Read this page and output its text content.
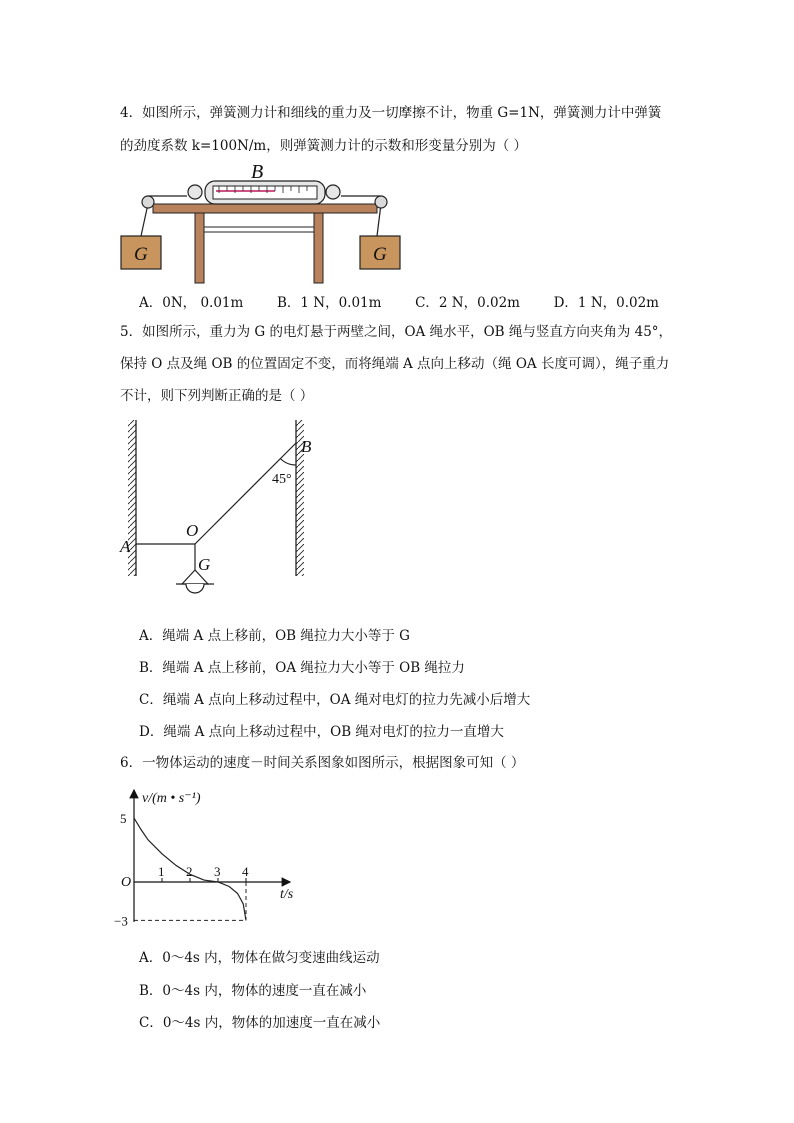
4．如图所示，弹簧测力计和细线的重力及一切摩擦不计，物重 G=1N，弹簧测力计中弹簧
的劲度系数 k=100N/m，则弹簧测力计的示数和形变量分别为（ ）
B
G	G
A．0N， 0.01m B．1 N，0.01m C．2 N，0.02m D．1 N，0.02m
5．如图所示，重力为 G 的电灯悬于两壁之间，OA 绳水平，OB 绳与竖直方向夹角为 45°，
保持 O 点及绳 OB 的位置固定不变，而将绳端 A 点向上移动（绳 OA 长度可调），绳子重力
不计，则下列判断正确的是（ ）
A
O
B
G
45°
A．绳端 A 点上移前，OB 绳拉力大小等于 G
B．绳端 A 点上移前，OA 绳拉力大小等于 OB 绳拉力
C．绳端 A 点向上移动过程中，OA 绳对电灯的拉力先减小后增大
D．绳端 A 点向上移动过程中，OB 绳对电灯的拉力一直增大
6．一物体运动的速度－时间关系图象如图所示，根据图象可知（ ）
v/(m • s⁻¹)
t/s
O
1 2 3 4
5
−3
A．0～4s 内，物体在做匀变速曲线运动
B．0～4s 内，物体的速度一直在减小
C．0～4s 内，物体的加速度一直在减小
